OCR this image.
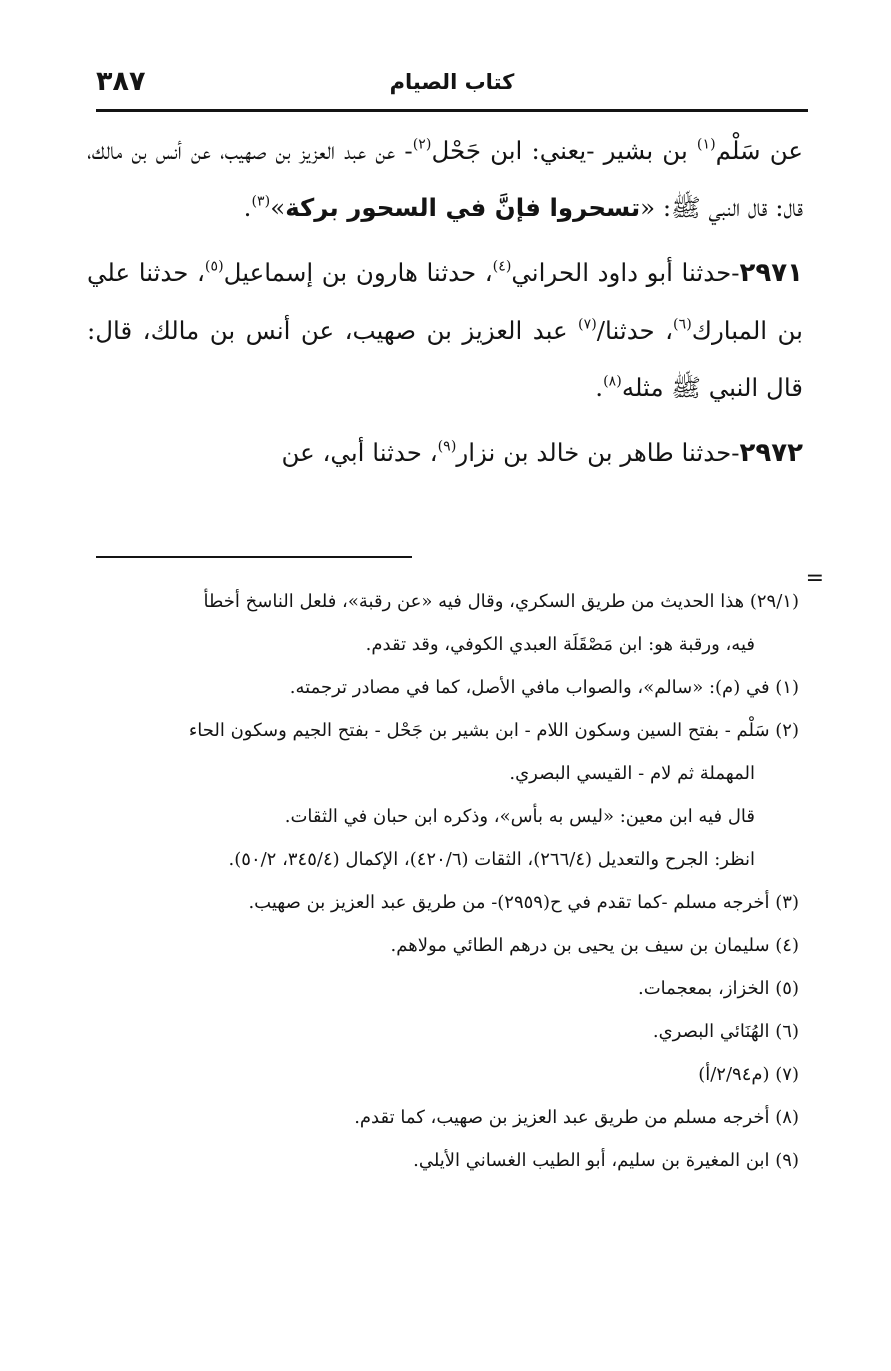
كتاب الصيام
٣٨٧

عن سَلْم$^{(١)}$ بن بشير -يعني: ابن جَحْل$^{(٢)}$- عن عبد العزيز بن صهيب، عن أنس بن مالك، قال: قال النبي ﷺ: «تسحروا فإنَّ في السحور بركة»$^{(٣)}$.

٢٩٧١-حدثنا أبو داود الحراني$^{(٤)}$، حدثنا هارون بن إسماعيل$^{(٥)}$، حدثنا علي بن المبارك$^{(٦)}$، حدثنا/$^{(٧)}$ عبد العزيز بن صهيب، عن أنس بن مالك، قال: قال النبي ﷺ مثله$^{(٨)}$.

٢٩٧٢-حدثنا طاهر بن خالد بن نزار$^{(٩)}$، حدثنا أبي، عن

=

(٢٩/١) هذا الحديث من طريق السكري، وقال فيه «عن رقبة»، فلعل الناسخ أخطأ

فيه، ورقبة هو: ابن مَصْقَلَة العبدي الكوفي، وقد تقدم.

(١) في (م): «سالم»، والصواب مافي الأصل، كما في مصادر ترجمته.

(٢) سَلْم - بفتح السين وسكون اللام - ابن بشير بن جَحْل - بفتح الجيم وسكون الحاء

المهملة ثم لام - القيسي البصري.

قال فيه ابن معين: «ليس به بأس»، وذكره ابن حبان في الثقات.

انظر: الجرح والتعديل (٢٦٦/٤)، الثقات (٤٢٠/٦)، الإكمال (٣٤٥/٤، ٥٠/٢).

(٣) أخرجه مسلم -كما تقدم في ح(٢٩٥٩)- من طريق عبد العزيز بن صهيب.

(٤) سليمان بن سيف بن يحيى بن درهم الطائي مولاهم.

(٥) الخزاز، بمعجمات.

(٦) الهُنَائي البصري.

(٧) (م٢/٩٤/أ)

(٨) أخرجه مسلم من طريق عبد العزيز بن صهيب، كما تقدم.

(٩) ابن المغيرة بن سليم، أبو الطيب الغساني الأيلي.
